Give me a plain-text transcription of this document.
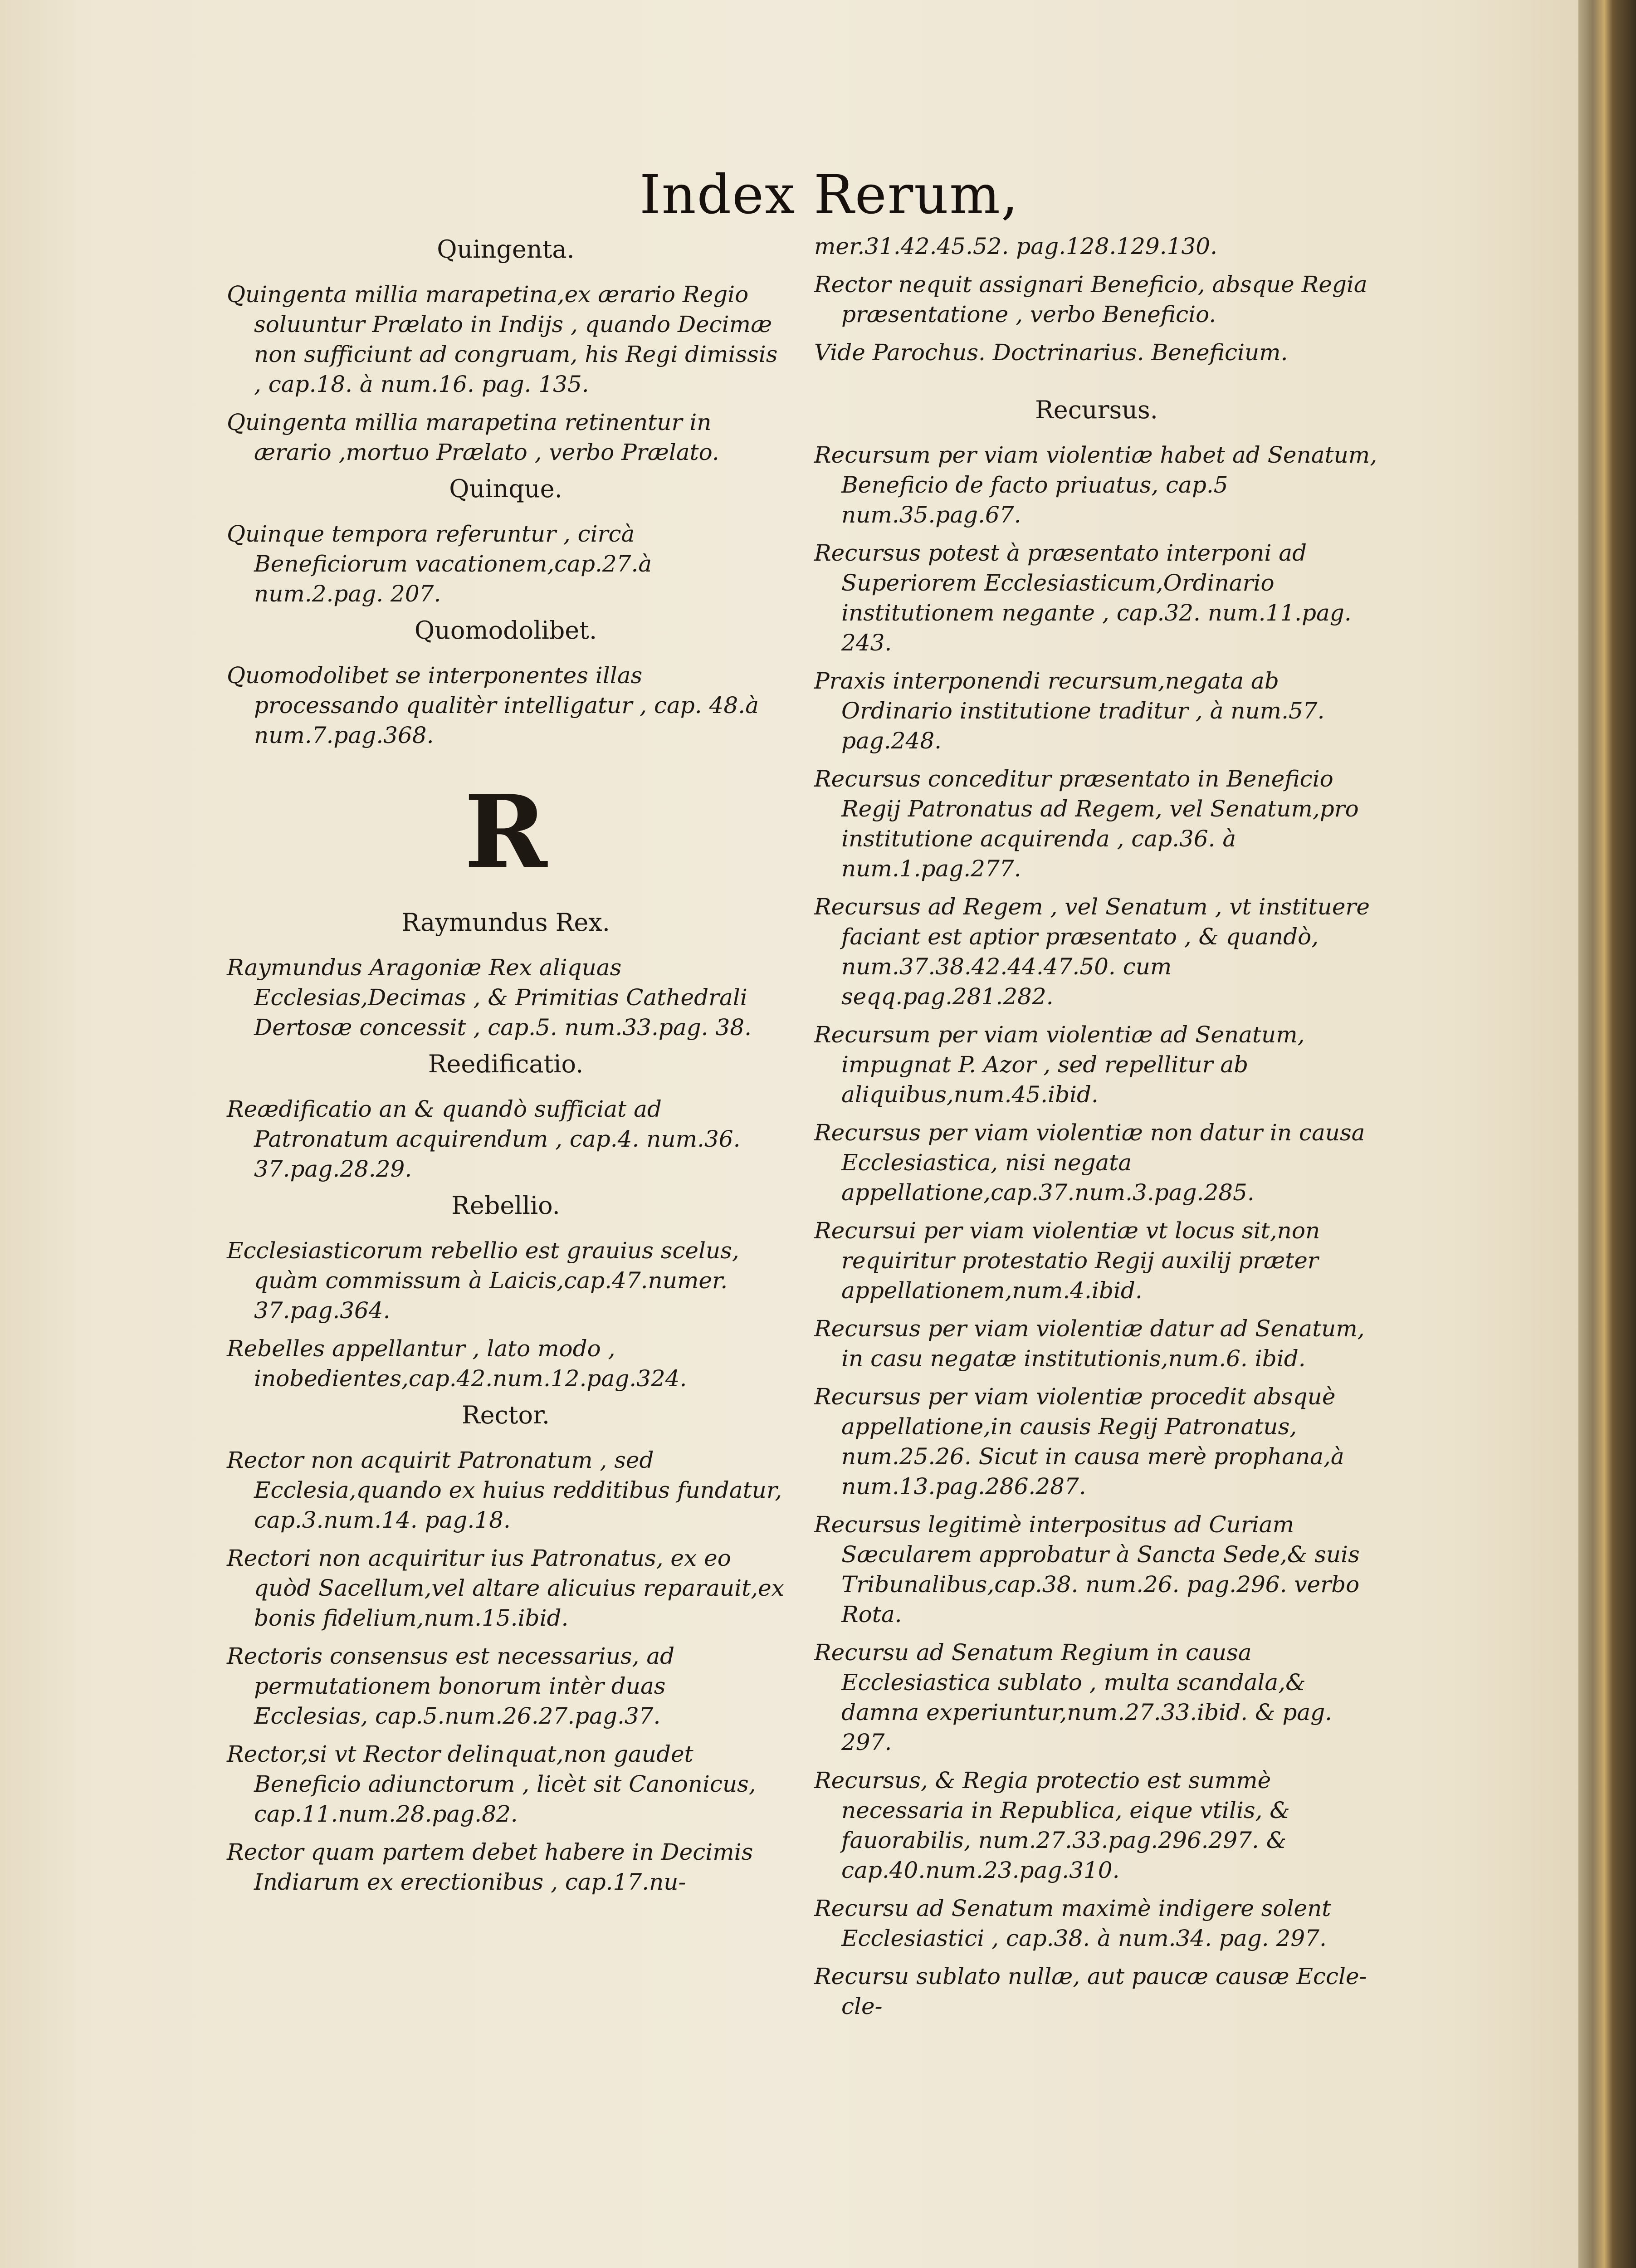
Index Rerum,
Quingenta.
Quingenta millia marapetina,ex ærario Regio soluuntur Prælato in Indijs , quando Decimæ non sufficiunt ad congruam, his Regi dimissis , cap.18. à num.16. pag. 135.
Quingenta millia marapetina retinentur in ærario ,mortuo Prælato , verbo Prælato.
Quinque.
Quinque tempora referuntur , circà Beneficiorum vacationem,cap.27.à num.2.pag. 207.
Quomodolibet.
Quomodolibet se interponentes illas processando qualitèr intelligatur , cap. 48.à num.7.pag.368.
R
Raymundus Rex.
Raymundus Aragoniæ Rex aliquas Ecclesias,Decimas , & Primitias Cathedrali Dertosæ concessit , cap.5. num.33.pag. 38.
Reedificatio.
Reædificatio an & quandò sufficiat ad Patronatum acquirendum , cap.4. num.36. 37.pag.28.29.
Rebellio.
Ecclesiasticorum rebellio est grauius scelus, quàm commissum à Laicis,cap.47.numer. 37.pag.364.
Rebelles appellantur , lato modo , inobedientes,cap.42.num.12.pag.324.
Rector.
Rector non acquirit Patronatum , sed Ecclesia,quando ex huius redditibus fundatur, cap.3.num.14. pag.18.
Rectori non acquiritur ius Patronatus, ex eo quòd Sacellum,vel altare alicuius reparauit,ex bonis fidelium,num.15.ibid.
Rectoris consensus est necessarius, ad permutationem bonorum intèr duas Ecclesias, cap.5.num.26.27.pag.37.
Rector,si vt Rector delinquat,non gaudet Beneficio adiunctorum , licèt sit Canonicus, cap.11.num.28.pag.82.
Rector quam partem debet habere in Decimis Indiarum ex erectionibus , cap.17.nu-
mer.31.42.45.52. pag.128.129.130.
Rector nequit assignari Beneficio, absque Regia præsentatione , verbo Beneficio.
Vide Parochus. Doctrinarius. Beneficium.
Recursus.
Recursum per viam violentiæ habet ad Senatum, Beneficio de facto priuatus, cap.5 num.35.pag.67.
Recursus potest à præsentato interponi ad Superiorem Ecclesiasticum,Ordinario institutionem negante , cap.32. num.11.pag. 243.
Praxis interponendi recursum,negata ab Ordinario institutione traditur , à num.57. pag.248.
Recursus conceditur præsentato in Beneficio Regij Patronatus ad Regem, vel Senatum,pro institutione acquirenda , cap.36. à num.1.pag.277.
Recursus ad Regem , vel Senatum , vt instituere faciant est aptior præsentato , & quandò, num.37.38.42.44.47.50. cum seqq.pag.281.282.
Recursum per viam violentiæ ad Senatum, impugnat P. Azor , sed repellitur ab aliquibus,num.45.ibid.
Recursus per viam violentiæ non datur in causa Ecclesiastica, nisi negata appellatione,cap.37.num.3.pag.285.
Recursui per viam violentiæ vt locus sit,non requiritur protestatio Regij auxilij præter appellationem,num.4.ibid.
Recursus per viam violentiæ datur ad Senatum, in casu negatæ institutionis,num.6. ibid.
Recursus per viam violentiæ procedit absquè appellatione,in causis Regij Patronatus, num.25.26. Sicut in causa merè prophana,à num.13.pag.286.287.
Recursus legitimè interpositus ad Curiam Sæcularem approbatur à Sancta Sede,& suis Tribunalibus,cap.38. num.26. pag.296. verbo Rota.
Recursu ad Senatum Regium in causa Ecclesiastica sublato , multa scandala,& damna experiuntur,num.27.33.ibid. & pag. 297.
Recursus, & Regia protectio est summè necessaria in Republica, eique vtilis, & fauorabilis, num.27.33.pag.296.297. & cap.40.num.23.pag.310.
Recursu ad Senatum maximè indigere solent Ecclesiastici , cap.38. à num.34. pag. 297.
Recursu sublato nullæ, aut paucæ causæ Eccle- cle-
